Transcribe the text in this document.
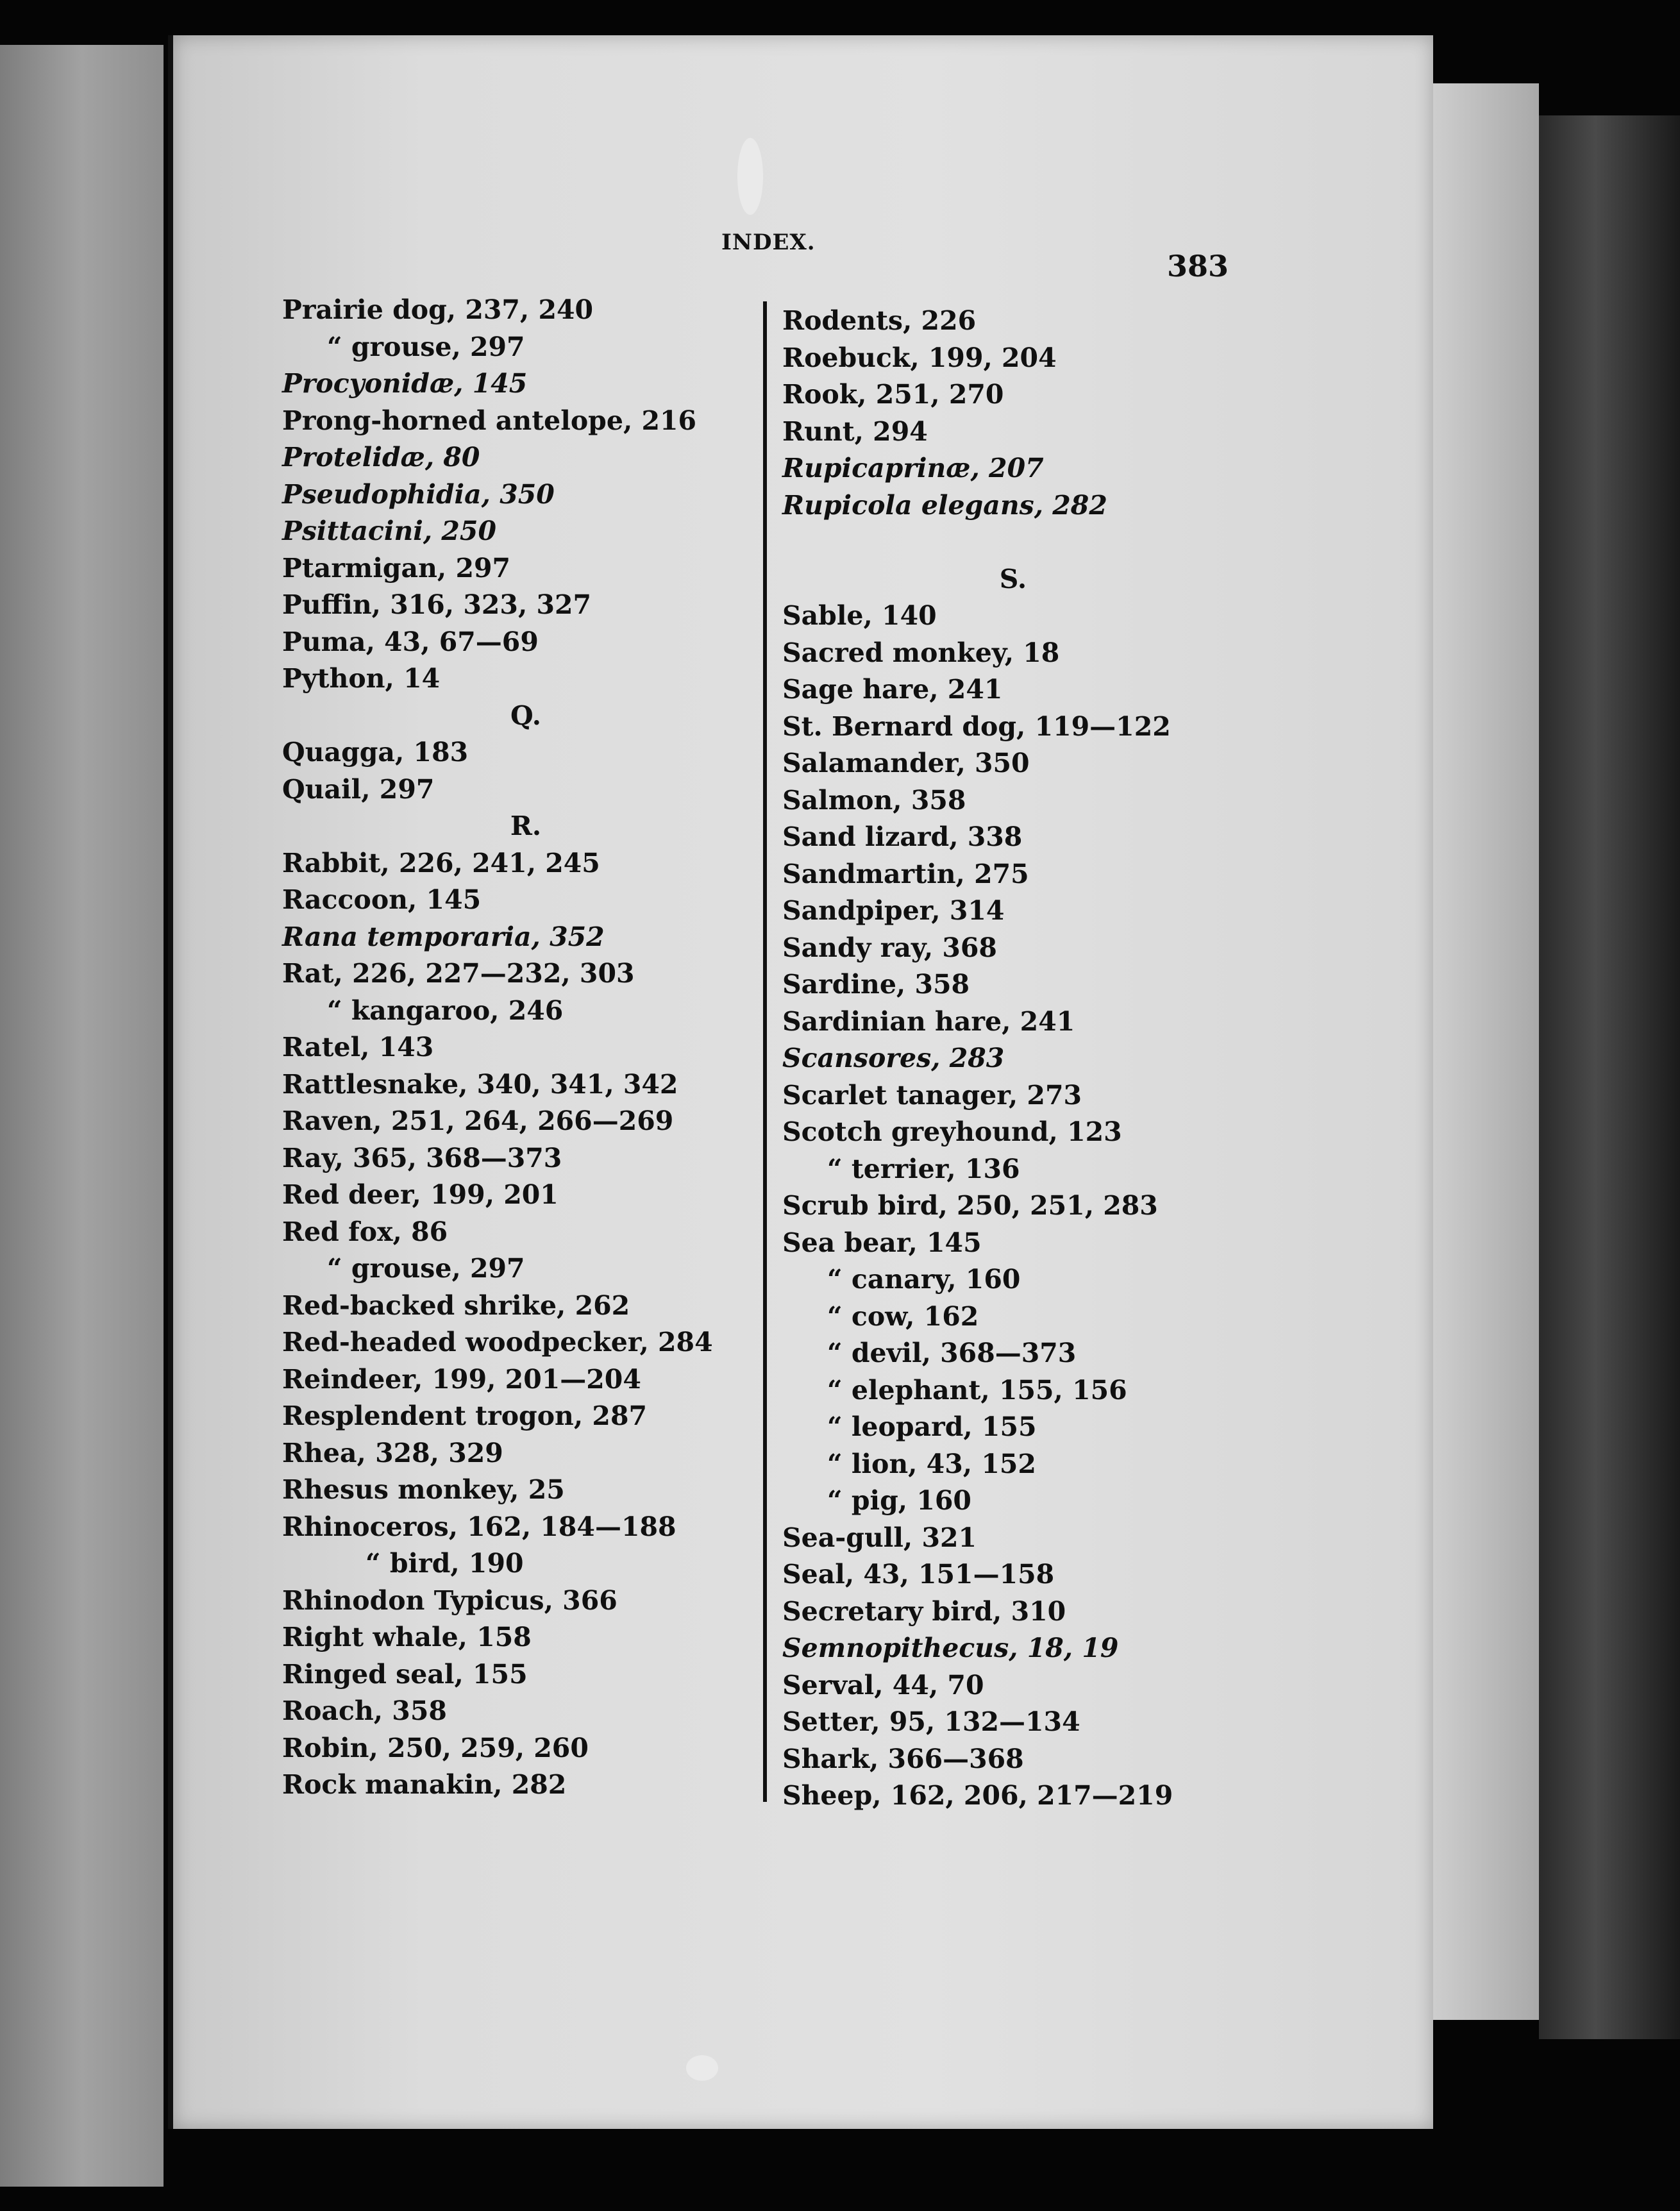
INDEX.
383
Prairie dog, 237, 240
“ grouse, 297
Procyonidæ, 145
Prong-horned antelope, 216
Protelidæ, 80
Pseudophidia, 350
Psittacini, 250
Ptarmigan, 297
Puffin, 316, 323, 327
Puma, 43, 67—69
Python, 14
Q.
Quagga, 183
Quail, 297
R.
Rabbit, 226, 241, 245
Raccoon, 145
Rana temporaria, 352
Rat, 226, 227—232, 303
“ kangaroo, 246
Ratel, 143
Rattlesnake, 340, 341, 342
Raven, 251, 264, 266—269
Ray, 365, 368—373
Red deer, 199, 201
Red fox, 86
“ grouse, 297
Red-backed shrike, 262
Red-headed woodpecker, 284
Reindeer, 199, 201—204
Resplendent trogon, 287
Rhea, 328, 329
Rhesus monkey, 25
Rhinoceros, 162, 184—188
“ bird, 190
Rhinodon Typicus, 366
Right whale, 158
Ringed seal, 155
Roach, 358
Robin, 250, 259, 260
Rock manakin, 282
Rodents, 226
Roebuck, 199, 204
Rook, 251, 270
Runt, 294
Rupicaprinæ, 207
Rupicola elegans, 282
S.
Sable, 140
Sacred monkey, 18
Sage hare, 241
St. Bernard dog, 119—122
Salamander, 350
Salmon, 358
Sand lizard, 338
Sandmartin, 275
Sandpiper, 314
Sandy ray, 368
Sardine, 358
Sardinian hare, 241
Scansores, 283
Scarlet tanager, 273
Scotch greyhound, 123
“ terrier, 136
Scrub bird, 250, 251, 283
Sea bear, 145
“ canary, 160
“ cow, 162
“ devil, 368—373
“ elephant, 155, 156
“ leopard, 155
“ lion, 43, 152
“ pig, 160
Sea-gull, 321
Seal, 43, 151—158
Secretary bird, 310
Semnopithecus, 18, 19
Serval, 44, 70
Setter, 95, 132—134
Shark, 366—368
Sheep, 162, 206, 217—219
